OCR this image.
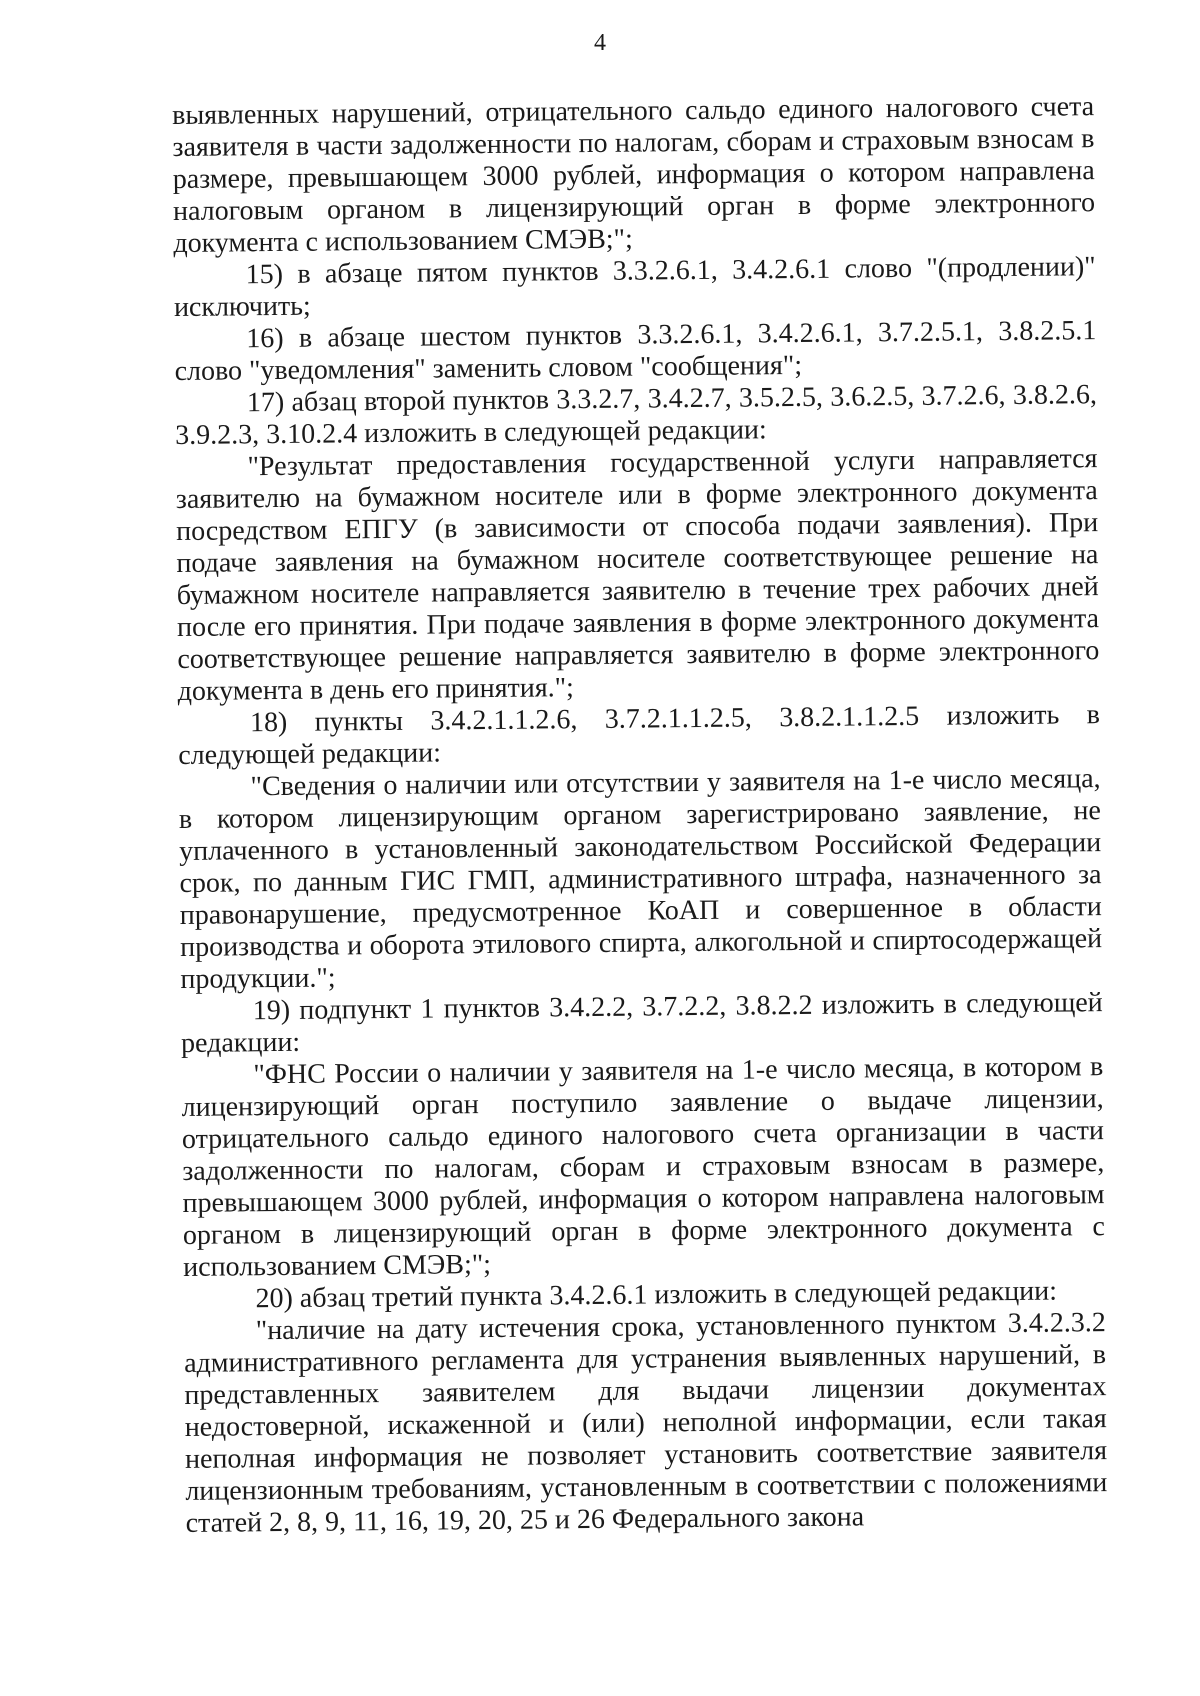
4

выявленных нарушений, отрицательного сальдо единого налогового счета заявителя в части задолженности по налогам, сборам и страховым взносам в размере, превышающем 3000 рублей, информация о котором направлена налоговым органом в лицензирующий орган в форме электронного документа с использованием СМЭВ;";

15) в абзаце пятом пунктов 3.3.2.6.1, 3.4.2.6.1 слово "(продлении)" исключить;

16) в абзаце шестом пунктов 3.3.2.6.1, 3.4.2.6.1, 3.7.2.5.1, 3.8.2.5.1 слово "уведомления" заменить словом "сообщения";

17) абзац второй пунктов 3.3.2.7, 3.4.2.7, 3.5.2.5, 3.6.2.5, 3.7.2.6, 3.8.2.6, 3.9.2.3, 3.10.2.4 изложить в следующей редакции:

"Результат предоставления государственной услуги направляется заявителю на бумажном носителе или в форме электронного документа посредством ЕПГУ (в зависимости от способа подачи заявления). При подаче заявления на бумажном носителе соответствующее решение на бумажном носителе направляется заявителю в течение трех рабочих дней после его принятия. При подаче заявления в форме электронного документа соответствующее решение направляется заявителю в форме электронного документа в день его принятия.";

18) пункты 3.4.2.1.1.2.6, 3.7.2.1.1.2.5, 3.8.2.1.1.2.5 изложить в следующей редакции:

"Сведения о наличии или отсутствии у заявителя на 1-е число месяца, в котором лицензирующим органом зарегистрировано заявление, не уплаченного в установленный законодательством Российской Федерации срок, по данным ГИС ГМП, административного штрафа, назначенного за правонарушение, предусмотренное КоАП и совершенное в области производства и оборота этилового спирта, алкогольной и спиртосодержащей продукции.";

19) подпункт 1 пунктов 3.4.2.2, 3.7.2.2, 3.8.2.2 изложить в следующей редакции:

"ФНС России о наличии у заявителя на 1-е число месяца, в котором в лицензирующий орган поступило заявление о выдаче лицензии, отрицательного сальдо единого налогового счета организации в части задолженности по налогам, сборам и страховым взносам в размере, превышающем 3000 рублей, информация о котором направлена налоговым органом в лицензирующий орган в форме электронного документа с использованием СМЭВ;";

20) абзац третий пункта 3.4.2.6.1 изложить в следующей редакции:

"наличие на дату истечения срока, установленного пунктом 3.4.2.3.2 административного регламента для устранения выявленных нарушений, в представленных заявителем для выдачи лицензии документах недостоверной, искаженной и (или) неполной информации, если такая неполная информация не позволяет установить соответствие заявителя лицензионным требованиям, установленным в соответствии с положениями статей 2, 8, 9, 11, 16, 19, 20, 25 и 26 Федерального закона
